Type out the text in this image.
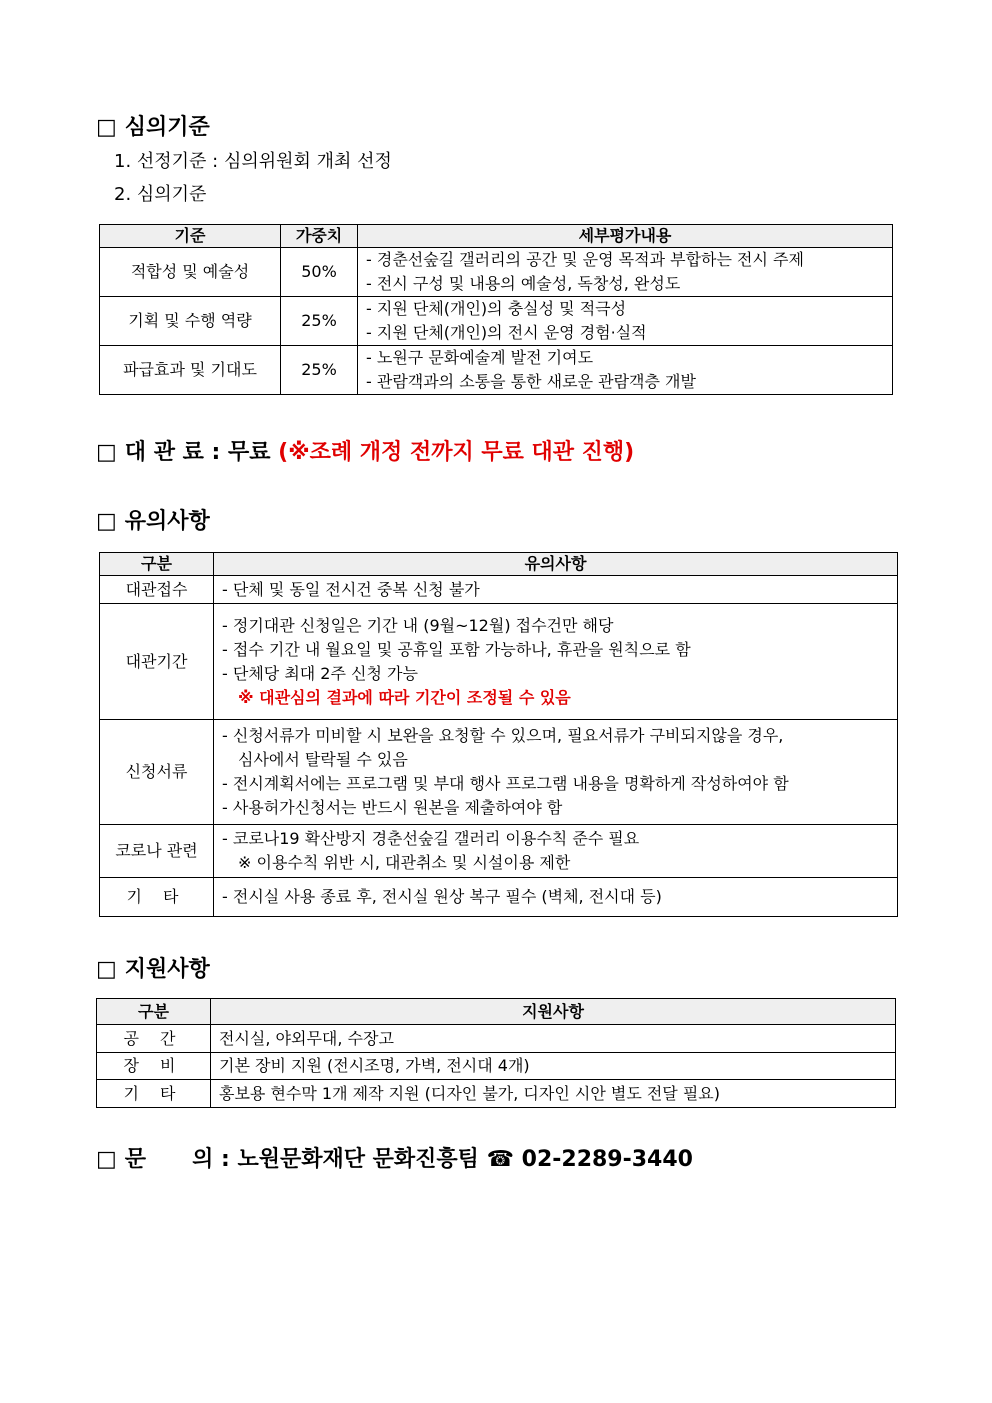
□ 심의기준
1. 선정기준 : 심의위원회 개최 선정
2. 심의기준
기준	가중치	세부평가내용
적합성 및 예술성	50%	- 경춘선숲길 갤러리의 공간 및 운영 목적과 부합하는 전시 주제
- 전시 구성 및 내용의 예술성, 독창성, 완성도

기획 및 수행 역량	25%	- 지원 단체(개인)의 충실성 및 적극성
- 지원 단체(개인)의 전시 운영 경험·실적

파급효과 및 기대도	25%	- 노원구 문화예술계 발전 기여도
- 관람객과의 소통을 통한 새로운 관람객층 개발
□ 대 관 료 : 무료 (※조례 개정 전까지 무료 대관 진행)
□ 유의사항
구분	유의사항
대관접수	- 단체 및 동일 전시건 중복 신청 불가

대관기간	- 정기대관 신청일은 기간 내 (9월~12월) 접수건만 해당
- 접수 기간 내 월요일 및 공휴일 포함 가능하나, 휴관을 원칙으로 함
- 단체당 최대 2주 신청 가능
※ 대관심의 결과에 따라 기간이 조정될 수 있음

신청서류	- 신청서류가 미비할 시 보완을 요청할 수 있으며, 필요서류가 구비되지않을 경우,
심사에서 탈락될 수 있음
- 전시계획서에는 프로그램 및 부대 행사 프로그램 내용을 명확하게 작성하여야 함
- 사용허가신청서는 반드시 원본을 제출하여야 함

코로나 관련	- 코로나19 확산방지 경춘선숲길 갤러리 이용수칙 준수 필요
※ 이용수칙 위반 시, 대관취소 및 시설이용 제한

기 타	- 전시실 사용 종료 후, 전시실 원상 복구 필수 (벽체, 전시대 등)
□ 지원사항
구분	지원사항
공 간	전시실, 야외무대, 수장고
장 비	기본 장비 지원 (전시조명, 가벽, 전시대 4개)
기 타	홍보용 현수막 1개 제작 지원 (디자인 불가, 디자인 시안 별도 전달 필요)
□ 문 의 : 노원문화재단 문화진흥팀 ☎ 02-2289-3440
